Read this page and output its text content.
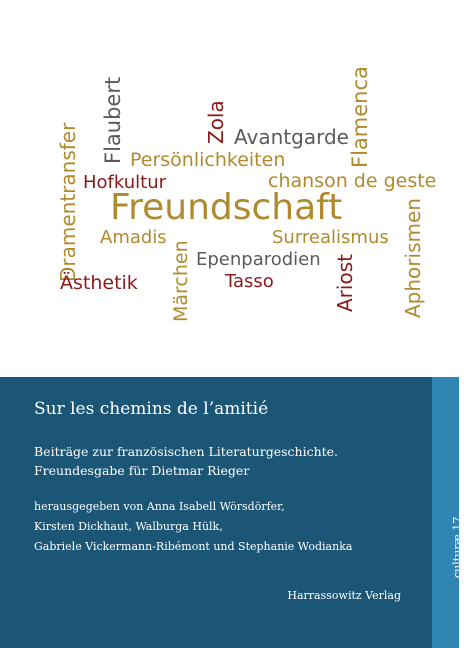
Freundschaft
Dramentransfer
Flaubert	Zola	Flamenca
Avantgarde
Persönlichkeiten
Hofkultur	chanson de geste
Amadis	Surrealismus Aphorismen
Epenparodien
Ästhetik Märchen Tasso	Ariost
Sur les chemins de l’amitié
Beiträge zur französischen Literaturgeschichte.
Freundesgabe für Dietmar Rieger
herausgegeben von Anna Isabell Wörsdörfer,
Kirsten Dickhaut, Walburga Hülk,
Gabriele Vickermann-Ribémont und Stephanie Wodianka
Harrassowitz Verlag
culturæ 17
